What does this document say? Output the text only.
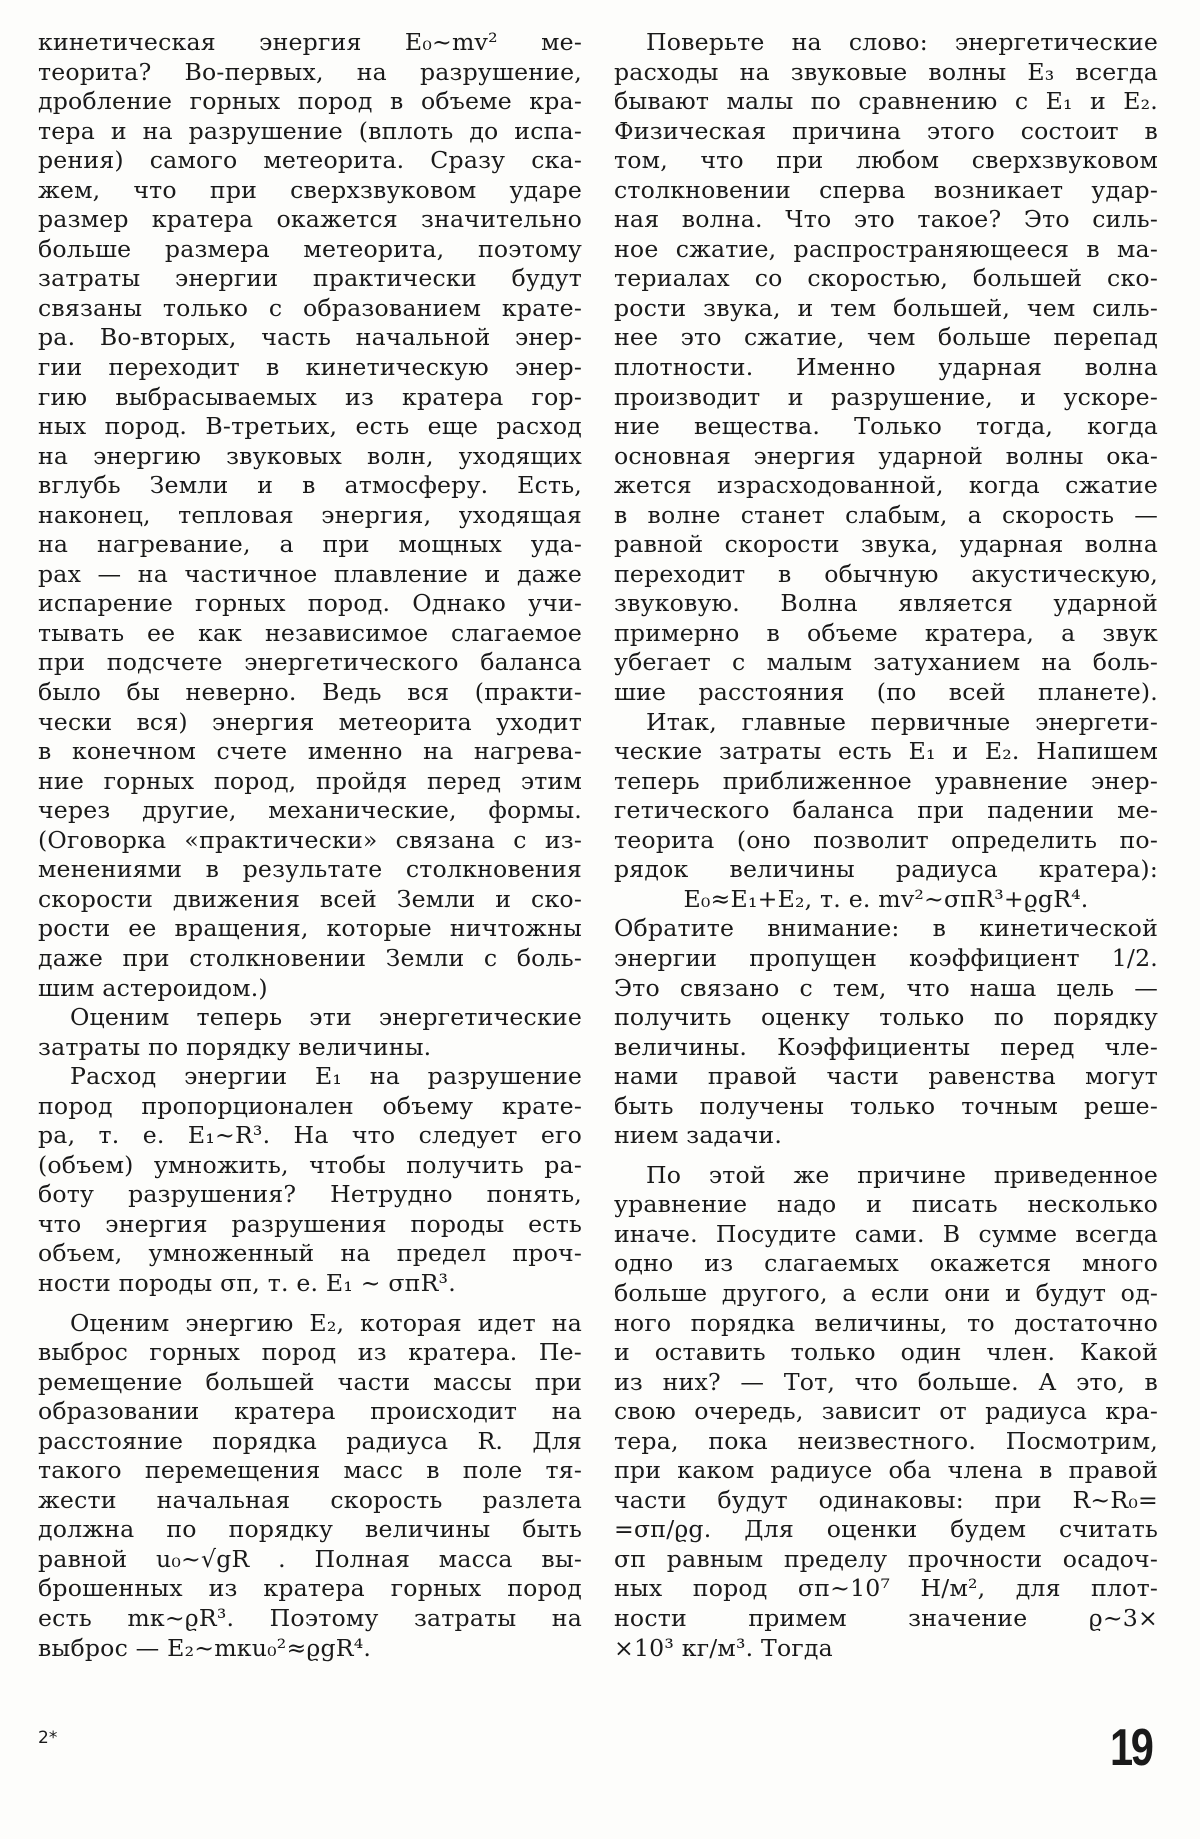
кинетическая энергия E₀~mv² ме-
теорита? Во-первых, на разрушение,
дробление горных пород в объеме кра-
тера и на разрушение (вплоть до испа-
рения) самого метеорита. Сразу ска-
жем, что при сверхзвуковом ударе
размер кратера окажется значительно
больше размера метеорита, поэтому
затраты энергии практически будут
связаны только с образованием крате-
ра. Во-вторых, часть начальной энер-
гии переходит в кинетическую энер-
гию выбрасываемых из кратера гор-
ных пород. В-третьих, есть еще расход
на энергию звуковых волн, уходящих
вглубь Земли и в атмосферу. Есть,
наконец, тепловая энергия, уходящая
на нагревание, а при мощных уда-
рах — на частичное плавление и даже
испарение горных пород. Однако учи-
тывать ее как независимое слагаемое
при подсчете энергетического баланса
было бы неверно. Ведь вся (практи-
чески вся) энергия метеорита уходит
в конечном счете именно на нагрева-
ние горных пород, пройдя перед этим
через другие, механические, формы.
(Оговорка «практически» связана с из-
менениями в результате столкновения
скорости движения всей Земли и ско-
рости ее вращения, которые ничтожны
даже при столкновении Земли с боль-
шим астероидом.)
Оценим теперь эти энергетические
затраты по порядку величины.
Расход энергии E₁ на разрушение
пород пропорционален объему крате-
ра, т. е. E₁~R³. На что следует его
(объем) умножить, чтобы получить ра-
боту разрушения? Нетрудно понять,
что энергия разрушения породы есть
объем, умноженный на предел проч-
ности породы σп, т. е. E₁ ~ σпR³.
Оценим энергию E₂, которая идет на
выброс горных пород из кратера. Пе-
ремещение большей части массы при
образовании кратера происходит на
расстояние порядка радиуса R. Для
такого перемещения масс в поле тя-
жести начальная скорость разлета
должна по порядку величины быть
равной u₀~√gR . Полная масса вы-
брошенных из кратера горных пород
есть mк~ϱR³. Поэтому затраты на
выброс — E₂~mкu₀²≈ϱgR⁴.
Поверьте на слово: энергетические
расходы на звуковые волны E₃ всегда
бывают малы по сравнению с E₁ и E₂.
Физическая причина этого состоит в
том, что при любом сверхзвуковом
столкновении сперва возникает удар-
ная волна. Что это такое? Это силь-
ное сжатие, распространяющееся в ма-
териалах со скоростью, большей ско-
рости звука, и тем большей, чем силь-
нее это сжатие, чем больше перепад
плотности. Именно ударная волна
производит и разрушение, и ускоре-
ние вещества. Только тогда, когда
основная энергия ударной волны ока-
жется израсходованной, когда сжатие
в волне станет слабым, а скорость —
равной скорости звука, ударная волна
переходит в обычную акустическую,
звуковую. Волна является ударной
примерно в объеме кратера, а звук
убегает с малым затуханием на боль-
шие расстояния (по всей планете).
Итак, главные первичные энергети-
ческие затраты есть E₁ и E₂. Напишем
теперь приближенное уравнение энер-
гетического баланса при падении ме-
теорита (оно позволит определить по-
рядок величины радиуса кратера):
E₀≈E₁+E₂, т. е. mv²~σпR³+ϱgR⁴.
Обратите внимание: в кинетической
энергии пропущен коэффициент 1/2.
Это связано с тем, что наша цель —
получить оценку только по порядку
величины. Коэффициенты перед чле-
нами правой части равенства могут
быть получены только точным реше-
нием задачи.
По этой же причине приведенное
уравнение надо и писать несколько
иначе. Посудите сами. В сумме всегда
одно из слагаемых окажется много
больше другого, а если они и будут од-
ного порядка величины, то достаточно
и оставить только один член. Какой
из них? — Тот, что больше. А это, в
свою очередь, зависит от радиуса кра-
тера, пока неизвестного. Посмотрим,
при каком радиусе оба члена в правой
части будут одинаковы: при R~R₀=
=σп/ϱg. Для оценки будем считать
σп равным пределу прочности осадоч-
ных пород σп~10⁷ Н/м², для плот-
ности примем значение ϱ~3×
×10³ кг/м³. Тогда
2*	19
